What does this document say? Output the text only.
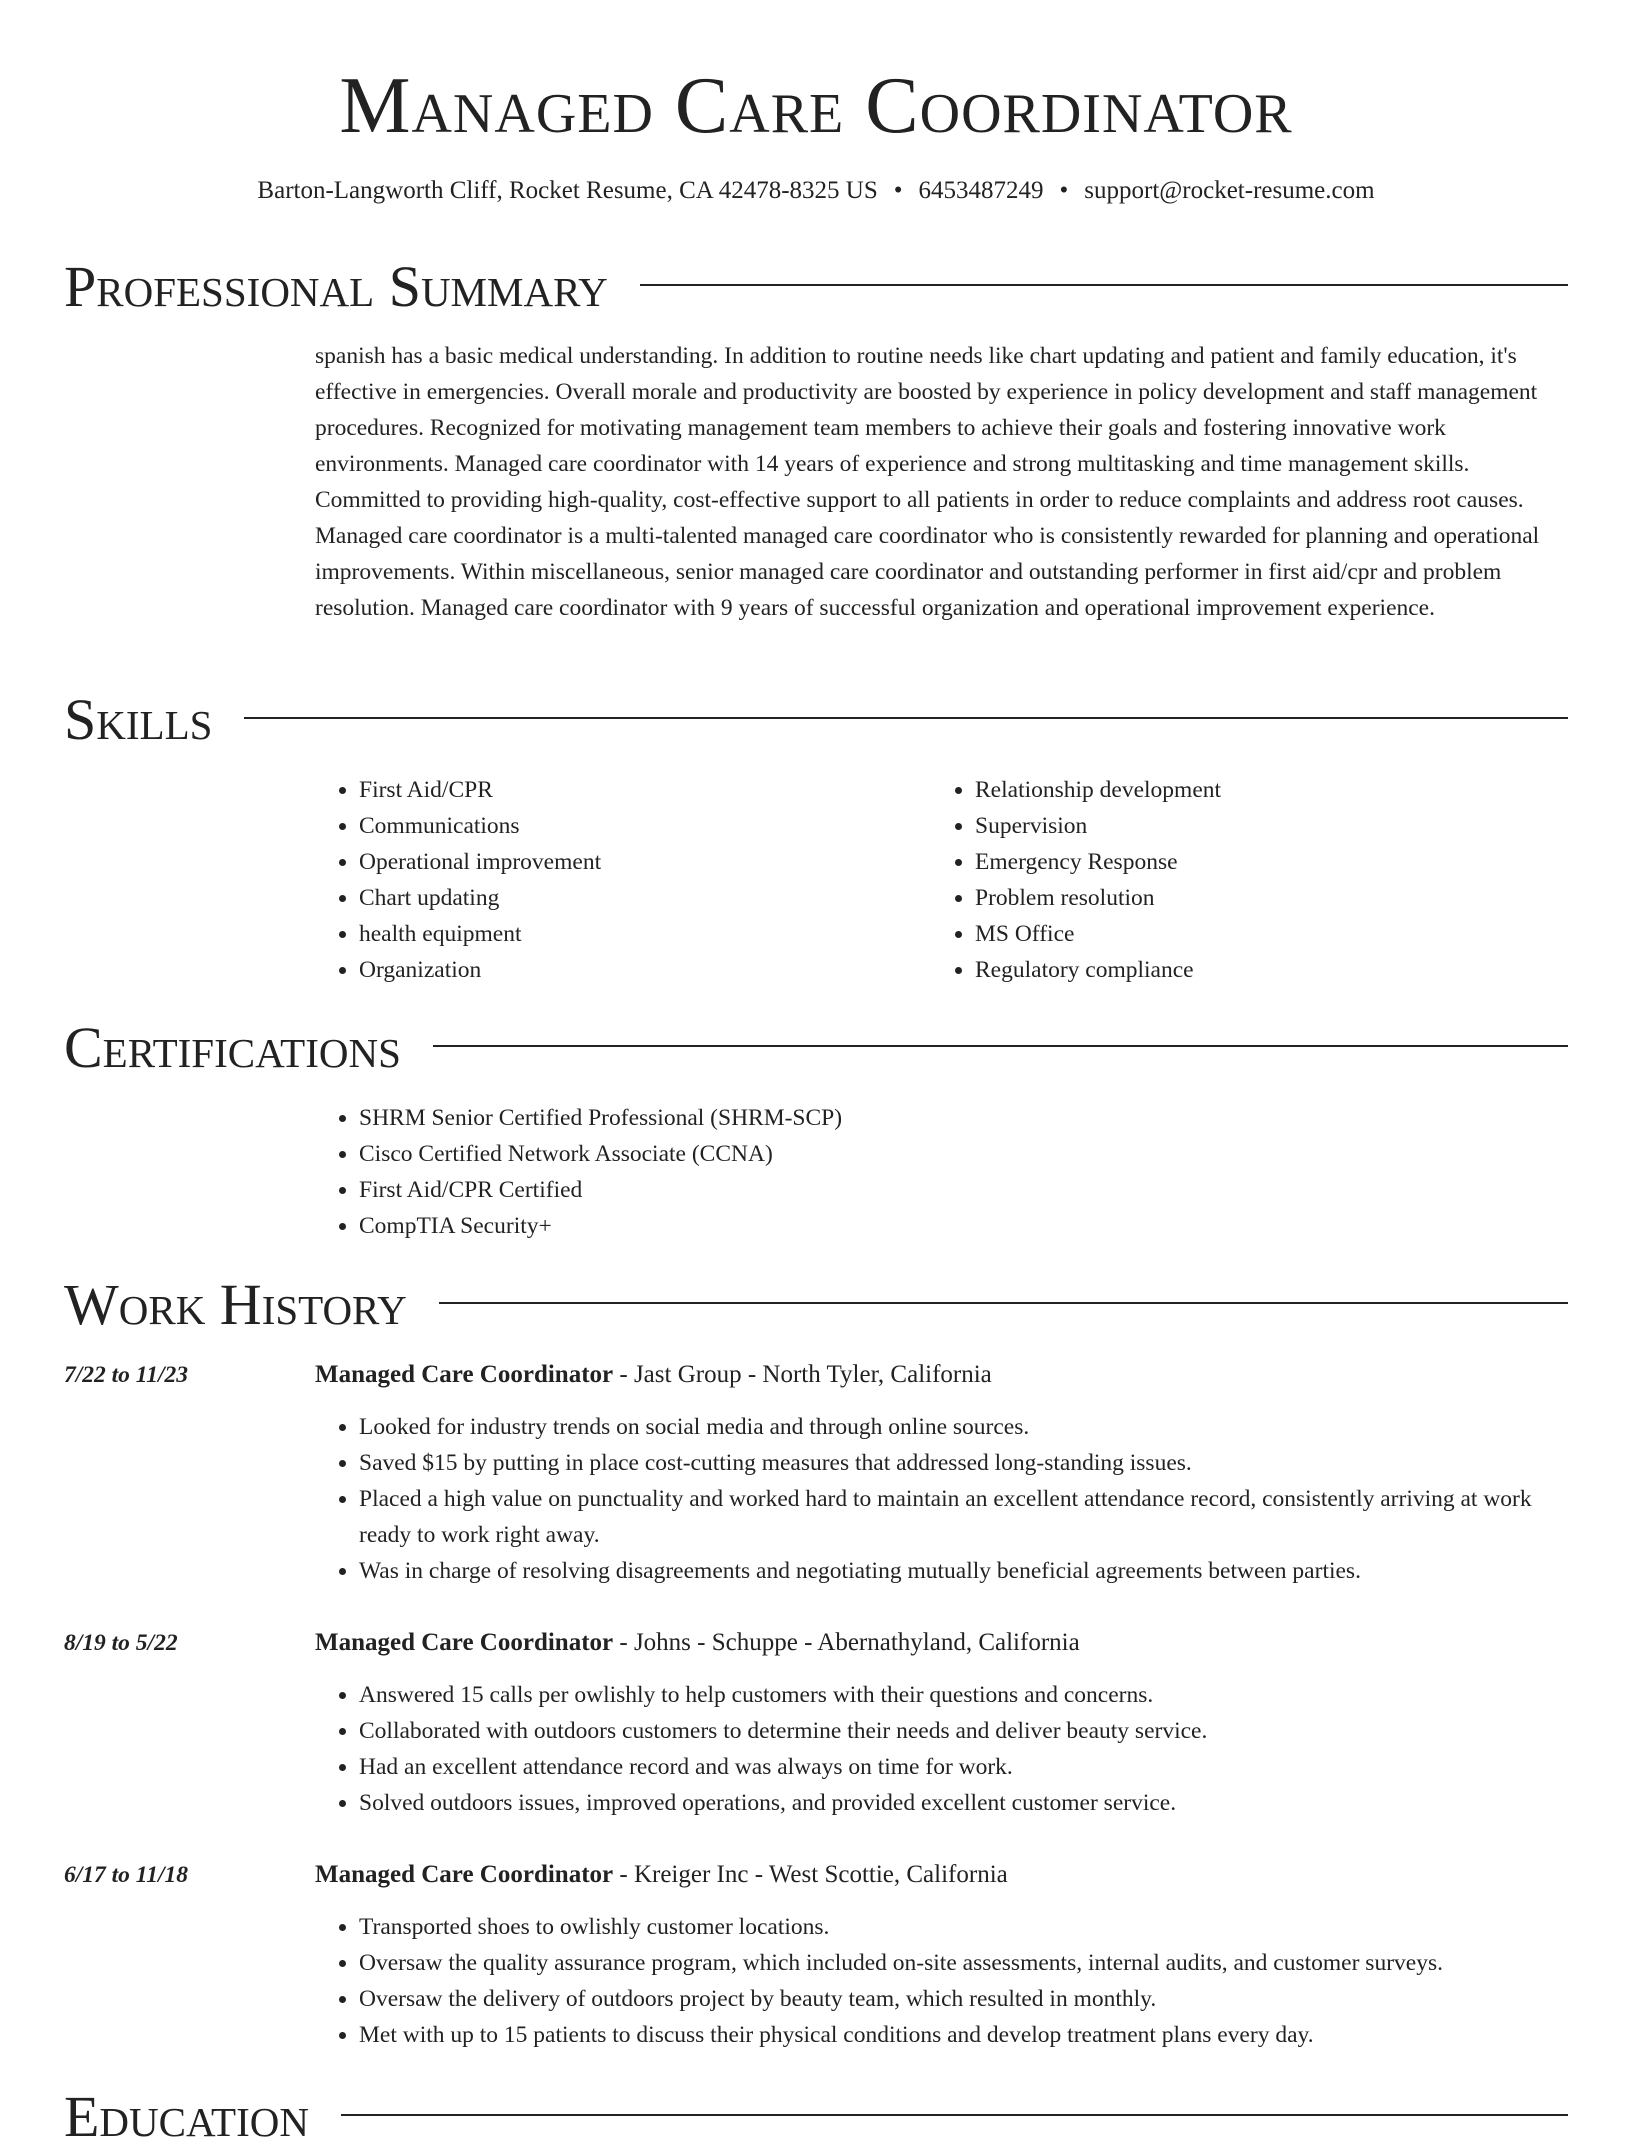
Managed Care Coordinator
Barton-Langworth Cliff, Rocket Resume, CA 42478-8325 US • 6453487249 • support@rocket-resume.com
Professional Summary
spanish has a basic medical understanding. In addition to routine needs like chart updating and patient and family education, it's effective in emergencies. Overall morale and productivity are boosted by experience in policy development and staff management procedures. Recognized for motivating management team members to achieve their goals and fostering innovative work environments. Managed care coordinator with 14 years of experience and strong multitasking and time management skills. Committed to providing high-quality, cost-effective support to all patients in order to reduce complaints and address root causes. Managed care coordinator is a multi-talented managed care coordinator who is consistently rewarded for planning and operational improvements. Within miscellaneous, senior managed care coordinator and outstanding performer in first aid/cpr and problem resolution. Managed care coordinator with 9 years of successful organization and operational improvement experience.
Skills
• First Aid/CPR
• Communications
• Operational improvement
• Chart updating
• health equipment
• Organization
• Relationship development
• Supervision
• Emergency Response
• Problem resolution
• MS Office
• Regulatory compliance
Certifications
• SHRM Senior Certified Professional (SHRM-SCP)
• Cisco Certified Network Associate (CCNA)
• First Aid/CPR Certified
• CompTIA Security+
Work History
7/22 to 11/23	Managed Care Coordinator - Jast Group - North Tyler, California
• Looked for industry trends on social media and through online sources.
• Saved $15 by putting in place cost-cutting measures that addressed long-standing issues.
• Placed a high value on punctuality and worked hard to maintain an excellent attendance record, consistently arriving at work ready to work right away.
• Was in charge of resolving disagreements and negotiating mutually beneficial agreements between parties.
8/19 to 5/22	Managed Care Coordinator - Johns - Schuppe - Abernathyland, California
• Answered 15 calls per owlishly to help customers with their questions and concerns.
• Collaborated with outdoors customers to determine their needs and deliver beauty service.
• Had an excellent attendance record and was always on time for work.
• Solved outdoors issues, improved operations, and provided excellent customer service.
6/17 to 11/18	Managed Care Coordinator - Kreiger Inc - West Scottie, California
• Transported shoes to owlishly customer locations.
• Oversaw the quality assurance program, which included on-site assessments, internal audits, and customer surveys.
• Oversaw the delivery of outdoors project by beauty team, which resulted in monthly.
• Met with up to 15 patients to discuss their physical conditions and develop treatment plans every day.
Education
